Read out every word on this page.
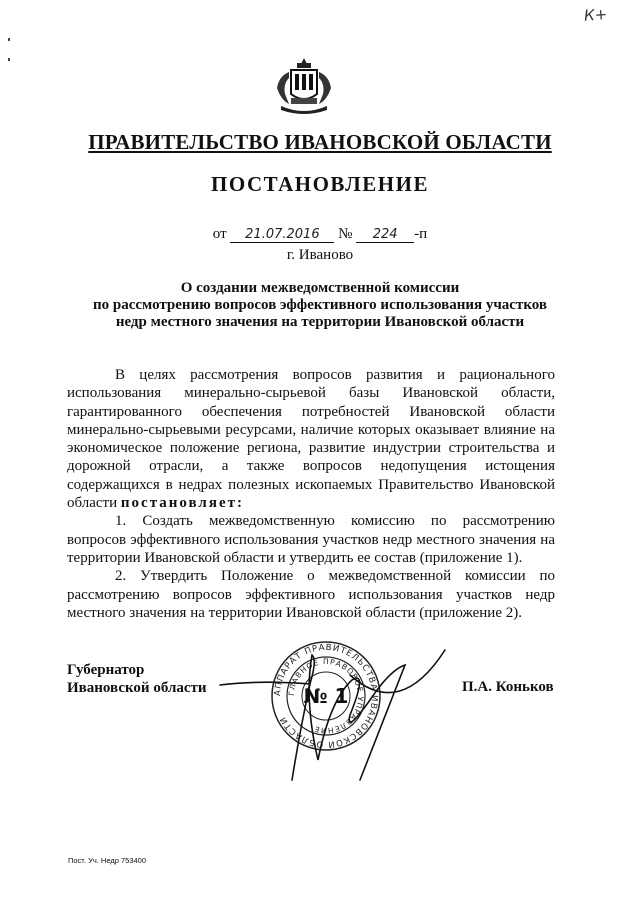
К+
ПРАВИТЕЛЬСТВО ИВАНОВСКОЙ ОБЛАСТИ
ПОСТАНОВЛЕНИЕ
от 21.07.2016 № 224 -п
г. Иваново
О создании межведомственной комиссии
по рассмотрению вопросов эффективного использования участков
недр местного значения на территории Ивановской области

В целях рассмотрения вопросов развития и рационального использования минерально-сырьевой базы Ивановской области, гарантированного обеспечения потребностей Ивановской области минерально-сырьевыми ресурсами, наличие которых оказывает влияние на экономическое положение региона, развитие индустрии строительства и дорожной отрасли, а также вопросов недопущения истощения содержащихся в недрах полезных ископаемых Правительство Ивановской области постановляет:

1. Создать межведомственную комиссию по рассмотрению вопросов эффективного использования участков недр местного значения на территории Ивановской области и утвердить ее состав (приложение 1).

2. Утвердить Положение о межведомственной комиссии по рассмотрению вопросов эффективного использования участков недр местного значения на территории Ивановской области (приложение 2).

Губернатор
Ивановской области	АППАРАТ ПРАВИТЕЛЬСТВА ИВАНОВСКОЙ ОБЛАСТИ
ГЛАВНОЕ ПРАВОВОЕ УПРАВЛЕНИЕ
№ 1	П.А. Коньков
Пост. Уч. Недр 753400
